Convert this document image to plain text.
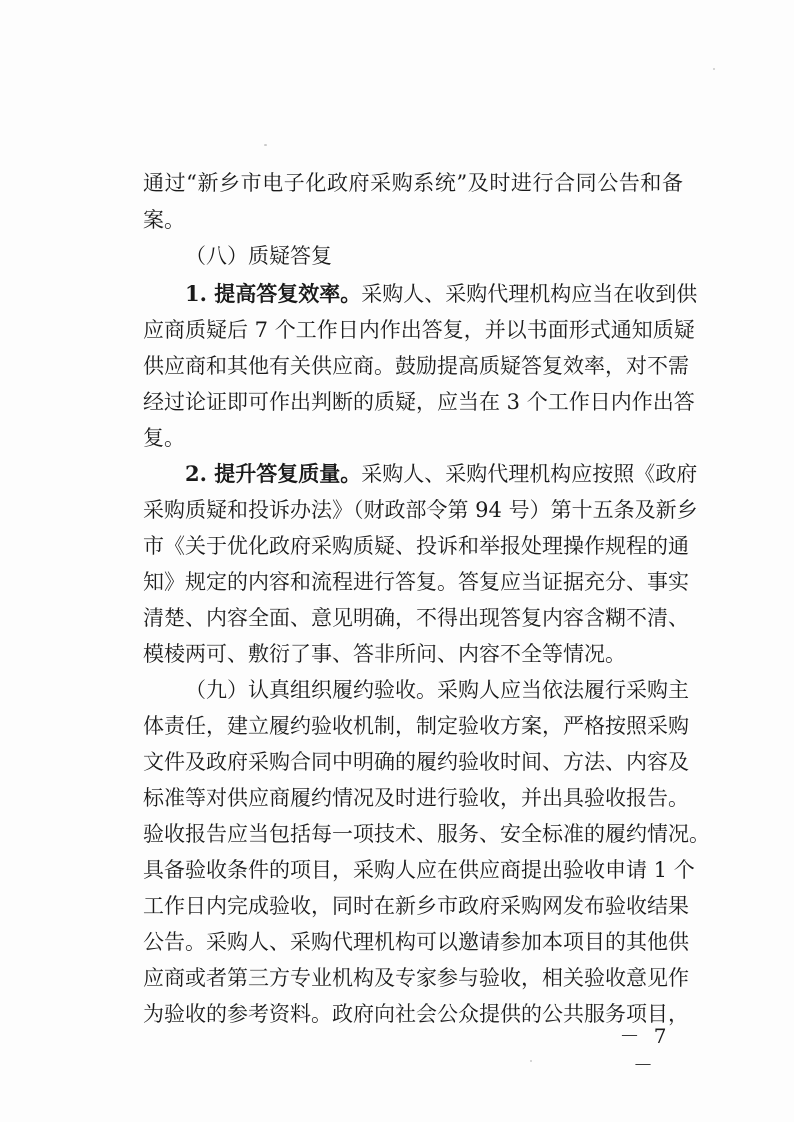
通过“新乡市电子化政府采购系统”及时进行合同公告和备
案。
（八）质疑答复
1. 提高答复效率。采购人、采购代理机构应当在收到供
应商质疑后 7 个工作日内作出答复，并以书面形式通知质疑
供应商和其他有关供应商。鼓励提高质疑答复效率，对不需
经过论证即可作出判断的质疑，应当在 3 个工作日内作出答
复。
2. 提升答复质量。采购人、采购代理机构应按照《政府
采购质疑和投诉办法》（财政部令第 94 号）第十五条及新乡
市《关于优化政府采购质疑、投诉和举报处理操作规程的通
知》规定的内容和流程进行答复。答复应当证据充分、事实
清楚、内容全面、意见明确，不得出现答复内容含糊不清、
模棱两可、敷衍了事、答非所问、内容不全等情况。
（九）认真组织履约验收。采购人应当依法履行采购主
体责任，建立履约验收机制，制定验收方案，严格按照采购
文件及政府采购合同中明确的履约验收时间、方法、内容及
标准等对供应商履约情况及时进行验收，并出具验收报告。
验收报告应当包括每一项技术、服务、安全标准的履约情况。
具备验收条件的项目，采购人应在供应商提出验收申请 1 个
工作日内完成验收，同时在新乡市政府采购网发布验收结果
公告。采购人、采购代理机构可以邀请参加本项目的其他供
应商或者第三方专业机构及专家参与验收，相关验收意见作
为验收的参考资料。政府向社会公众提供的公共服务项目，
－ 7 －
